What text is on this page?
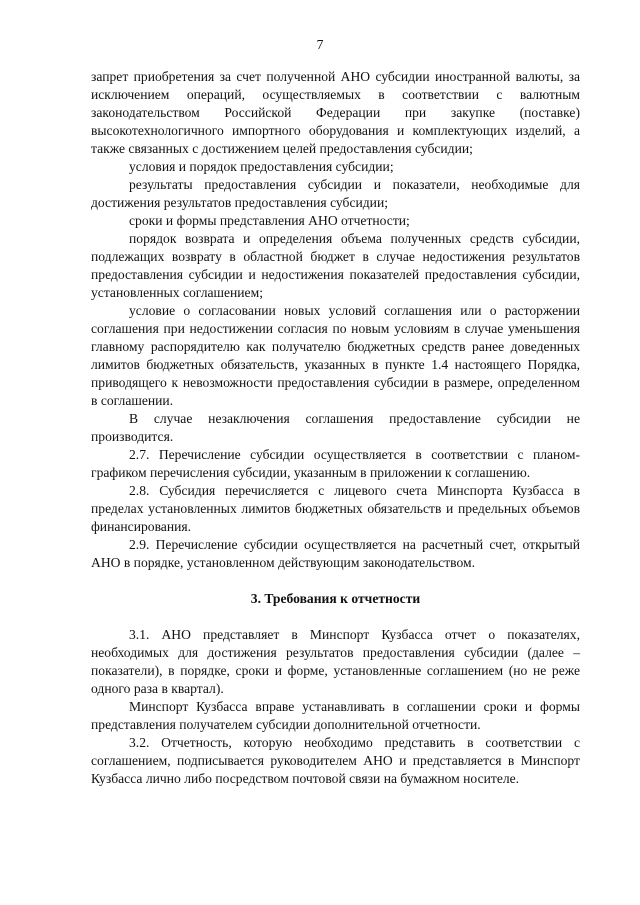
7

запрет приобретения за счет полученной АНО субсидии иностранной валюты, за исключением операций, осуществляемых в соответствии с валютным законодательством Российской Федерации при закупке (поставке) высокотехнологичного импортного оборудования и комплектующих изделий, а также связанных с достижением целей предоставления субсидии;

условия и порядок предоставления субсидии;

результаты предоставления субсидии и показатели, необходимые для достижения результатов предоставления субсидии;

сроки и формы представления АНО отчетности;

порядок возврата и определения объема полученных средств субсидии, подлежащих возврату в областной бюджет в случае недостижения результатов предоставления субсидии и недостижения показателей предоставления субсидии, установленных соглашением;

условие о согласовании новых условий соглашения или о расторжении соглашения при недостижении согласия по новым условиям в случае уменьшения главному распорядителю как получателю бюджетных средств ранее доведенных лимитов бюджетных обязательств, указанных в пункте 1.4 настоящего Порядка, приводящего к невозможности предоставления субсидии в размере, определенном в соглашении.

В случае незаключения соглашения предоставление субсидии не производится.

2.7. Перечисление субсидии осуществляется в соответствии с планом-графиком перечисления субсидии, указанным в приложении к соглашению.

2.8. Субсидия перечисляется с лицевого счета Минспорта Кузбасса в пределах установленных лимитов бюджетных обязательств и предельных объемов финансирования.

2.9. Перечисление субсидии осуществляется на расчетный счет, открытый АНО в порядке, установленном действующим законодательством.

3. Требования к отчетности

3.1. АНО представляет в Минспорт Кузбасса отчет о показателях, необходимых для достижения результатов предоставления субсидии (далее – показатели), в порядке, сроки и форме, установленные соглашением (но не реже одного раза в квартал).

Минспорт Кузбасса вправе устанавливать в соглашении сроки и формы представления получателем субсидии дополнительной отчетности.

3.2. Отчетность, которую необходимо представить в соответствии с соглашением, подписывается руководителем АНО и представляется в Минспорт Кузбасса лично либо посредством почтовой связи на бумажном носителе.
